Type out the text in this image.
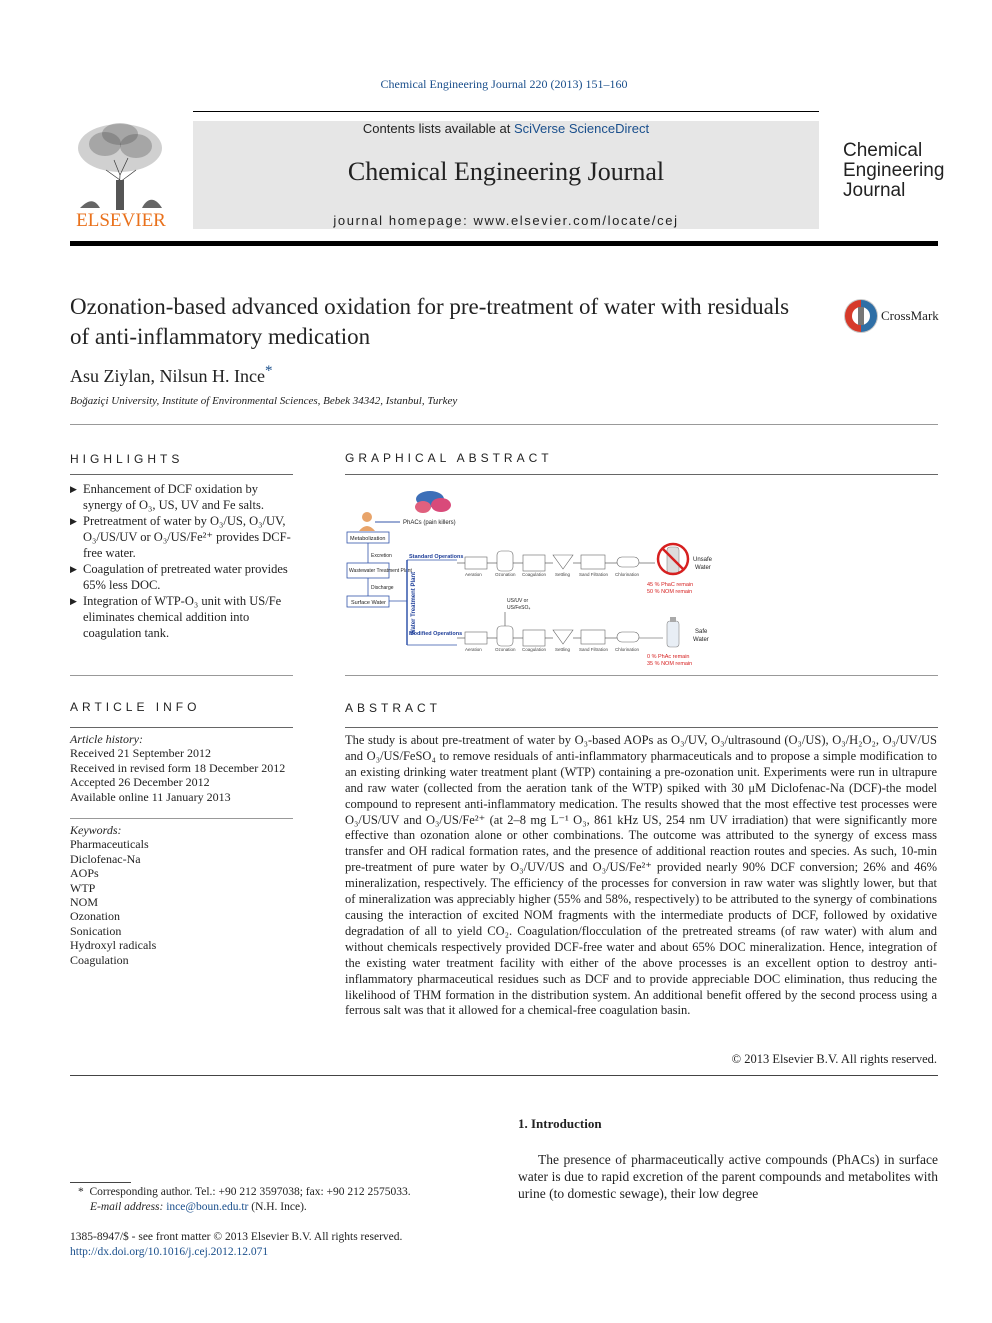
Chemical Engineering Journal 220 (2013) 151–160
ELSEVIER
Contents lists available at SciVerse ScienceDirect
Chemical Engineering Journal
journal homepage: www.elsevier.com/locate/cej
Chemical
Engineering
Journal
Ozonation-based advanced oxidation for pre-treatment of water with residuals of anti-inflammatory medication
CrossMark
Asu Ziylan, Nilsun H. Ince*
Boğaziçi University, Institute of Environmental Sciences, Bebek 34342, Istanbul, Turkey
HIGHLIGHTS
▶ Enhancement of DCF oxidation by synergy of O₃, US, UV and Fe salts.
▶ Pretreatment of water by O₃/US, O₃/UV, O₃/US/UV or O₃/US/Fe²⁺ provides DCF-free water.
▶ Coagulation of pretreated water provides 65% less DOC.
▶ Integration of WTP-O₃ unit with US/Fe eliminates chemical addition into coagulation tank.
GRAPHICAL ABSTRACT
PhACs (pain killers)
Metabolization
Excretion
Wastewater Treatment Plant
Discharge
Surface Water	Water Treatment Plant
Standard Operations
Modified Operations
Aeration	Ozonation Coagulation Settling Sand Filtration Chlorination
Unsafe
Water
45 % PhaC remain
50 % NOM remain
US/UV or
US/FeSO₄
Aeration	Ozonation Coagulation Settling Sand Filtration Chlorination
Safe
Water
0 % PhAc remain
35 % NOM remain
ARTICLE INFO
Article history:
Received 21 September 2012
Received in revised form 18 December 2012
Accepted 26 December 2012
Available online 11 January 2013
Keywords:
Pharmaceuticals
Diclofenac-Na
AOPs
WTP
NOM
Ozonation
Sonication
Hydroxyl radicals
Coagulation
ABSTRACT
The study is about pre-treatment of water by O₃-based AOPs as O₃/UV, O₃/ultrasound (O₃/US), O₃/H₂O₂, O₃/UV/US and O₃/US/FeSO₄ to remove residuals of anti-inflammatory pharmaceuticals and to propose a simple modification to an existing drinking water treatment plant (WTP) containing a pre-ozonation unit. Experiments were run in ultrapure and raw water (collected from the aeration tank of the WTP) spiked with 30 μM Diclofenac-Na (DCF)-the model compound to represent anti-inflammatory medication. The results showed that the most effective test processes were O₃/US/UV and O₃/US/Fe²⁺ (at 2–8 mg L⁻¹ O₃, 861 kHz US, 254 nm UV irradiation) that were significantly more effective than ozonation alone or other combinations. The outcome was attributed to the synergy of excess mass transfer and OH radical formation rates, and the presence of additional reaction routes and species. As such, 10-min pre-treatment of pure water by O₃/UV/US and O₃/US/Fe²⁺ provided nearly 90% DCF conversion; 26% and 46% mineralization, respectively. The efficiency of the processes for conversion in raw water was slightly lower, but that of mineralization was appreciably higher (55% and 58%, respectively) to be attributed to the synergy of combinations causing the interaction of excited NOM fragments with the intermediate products of DCF, followed by oxidative degradation of all to yield CO₂. Coagulation/flocculation of the pretreated streams (of raw water) with alum and without chemicals respectively provided DCF-free water and about 65% DOC mineralization. Hence, integration of the existing water treatment facility with either of the above processes is an excellent option to destroy anti-inflammatory pharmaceutical residues such as DCF and to provide appreciable DOC elimination, thus reducing the likelihood of THM formation in the distribution system. An additional benefit offered by the second process using a ferrous salt was that it allowed for a chemical-free coagulation basin.
© 2013 Elsevier B.V. All rights reserved.
1. Introduction
The presence of pharmaceutically active compounds (PhACs) in surface water is due to rapid excretion of the parent compounds and metabolites with urine (to domestic sewage), their low degree
* Corresponding author. Tel.: +90 212 3597038; fax: +90 212 2575033.
E-mail address: ince@boun.edu.tr (N.H. Ince).
1385-8947/$ - see front matter © 2013 Elsevier B.V. All rights reserved.
http://dx.doi.org/10.1016/j.cej.2012.12.071
